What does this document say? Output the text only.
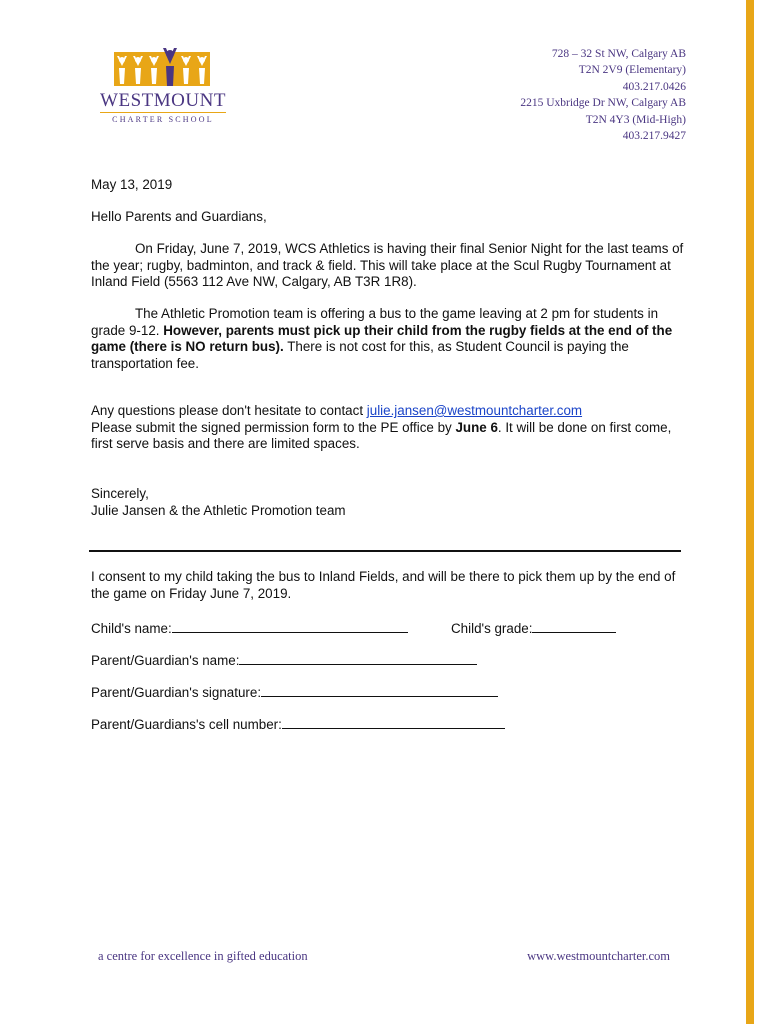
WESTMOUNT
CHARTER SCHOOL
728 – 32 St NW, Calgary AB
T2N 2V9 (Elementary)
403.217.0426
2215 Uxbridge Dr NW, Calgary AB
T2N 4Y3 (Mid-High)
403.217.9427
May 13, 2019
Hello Parents and Guardians,

On Friday, June 7, 2019, WCS Athletics is having their final Senior Night for the last teams of the year; rugby, badminton, and track & field. This will take place at the Scul Rugby Tournament at Inland Field (5563 112 Ave NW, Calgary, AB T3R 1R8).

The Athletic Promotion team is offering a bus to the game leaving at 2 pm for students in grade 9-12. However, parents must pick up their child from the rugby fields at the end of the game (there is NO return bus). There is not cost for this, as Student Council is paying the transportation fee.

Any questions please don't hesitate to contact julie.jansen@westmountcharter.com
Please submit the signed permission form to the PE office by June 6. It will be done on first come, first serve basis and there are limited spaces.

Sincerely,
Julie Jansen & the Athletic Promotion team

I consent to my child taking the bus to Inland Fields, and will be there to pick them up by the end of the game on Friday June 7, 2019.

Child's name:	Child's grade:
Parent/Guardian's name:
Parent/Guardian's signature:
Parent/Guardians's cell number:
a centre for excellence in gifted education	www.westmountcharter.com
